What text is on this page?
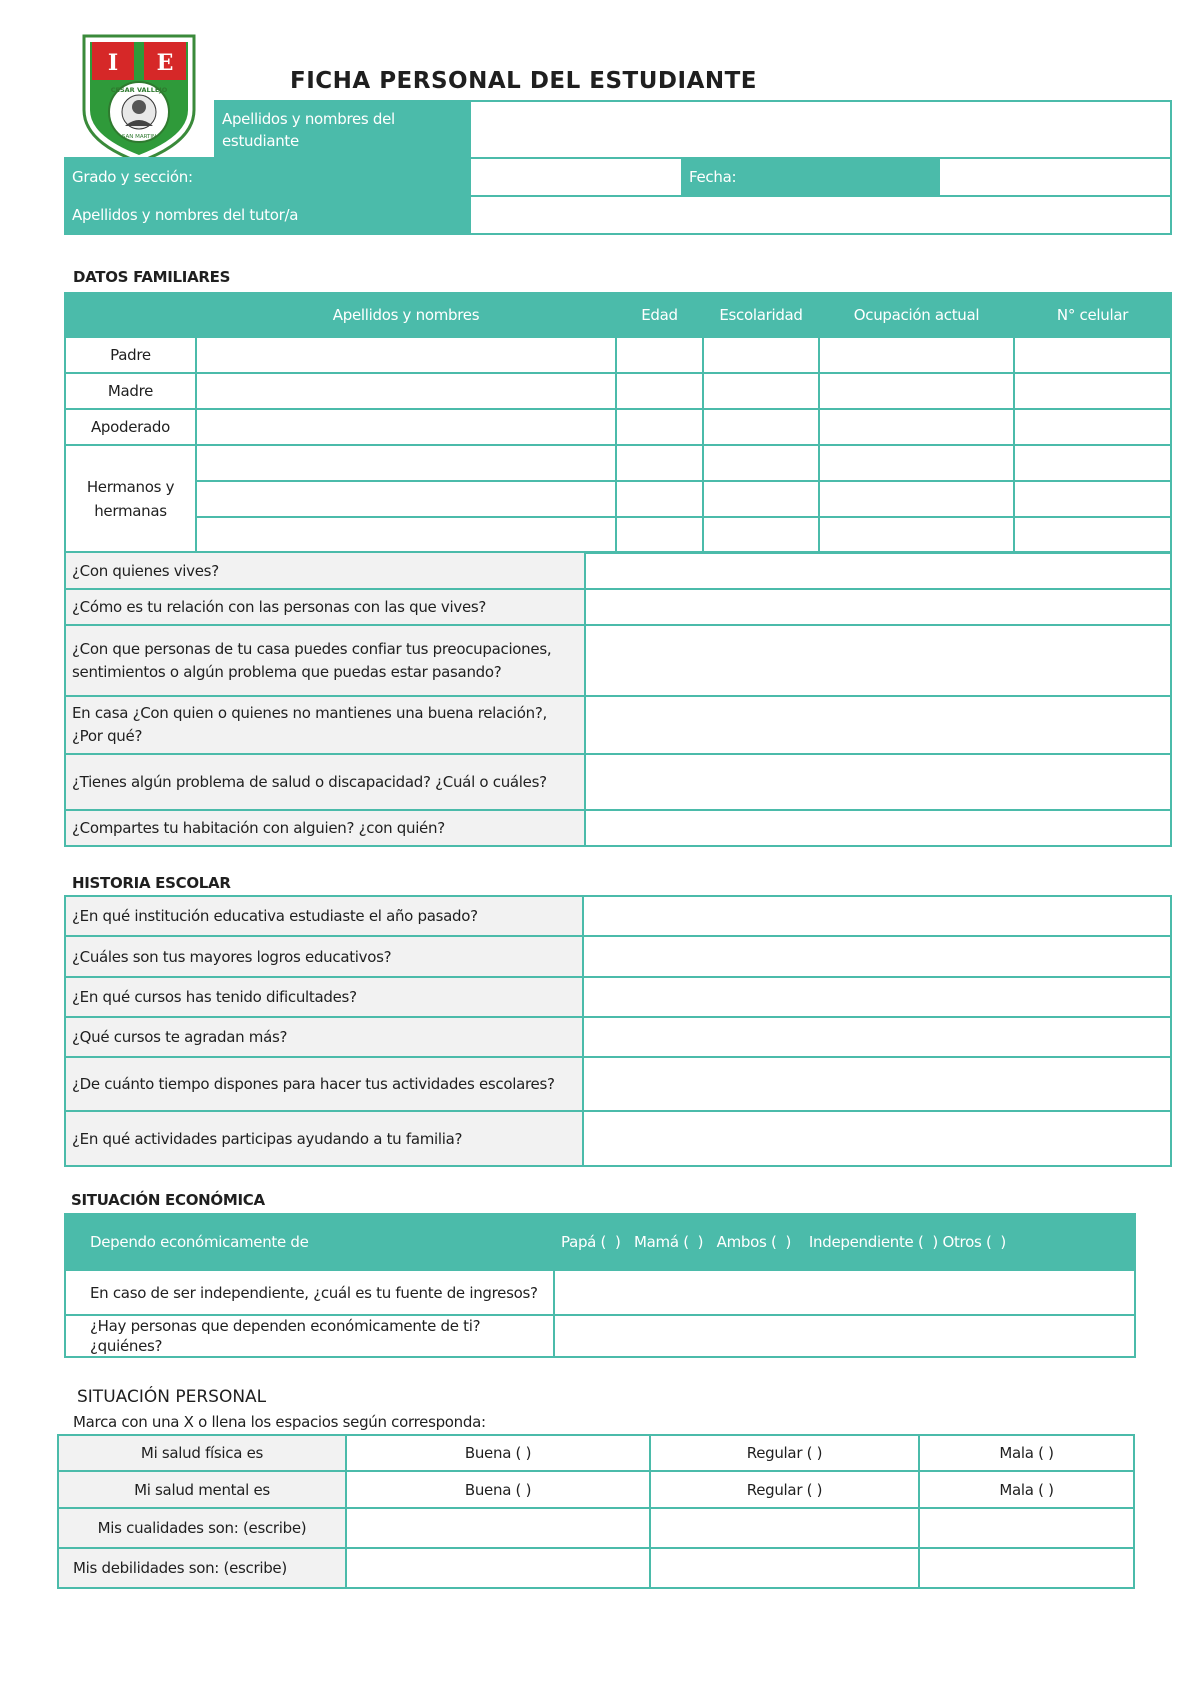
I E
CESAR VALLEJO
SAN MARTIN
FICHA PERSONAL DEL ESTUDIANTE
	Apellidos y nombres del estudiante			
Grado y sección:			Fecha:	
Apellidos y nombres del tutor/a				
DATOS FAMILIARES
	Apellidos y nombres	Edad	Escolaridad	Ocupación actual	N° celular
Padre					
Madre					
Apoderado					
Hermanos y hermanas					

¿Con quienes vives?	
¿Cómo es tu relación con las personas con las que vives?	
¿Con que personas de tu casa puedes confiar tus preocupaciones, sentimientos o algún problema que puedas estar pasando?	
En casa ¿Con quien o quienes no mantienes una buena relación?, ¿Por qué?	
¿Tienes algún problema de salud o discapacidad? ¿Cuál o cuáles?	
¿Compartes tu habitación con alguien? ¿con quién?	
HISTORIA ESCOLAR
¿En qué institución educativa estudiaste el año pasado?	
¿Cuáles son tus mayores logros educativos?	
¿En qué cursos has tenido dificultades?	
¿Qué cursos te agradan más?	
¿De cuánto tiempo dispones para hacer tus actividades escolares?	
¿En qué actividades participas ayudando a tu familia?	
SITUACIÓN ECONÓMICA
Dependo económicamente de	Papá (  )   Mamá (  )   Ambos (  )    Independiente (  ) Otros (  )
En caso de ser independiente, ¿cuál es tu fuente de ingresos?	
¿Hay personas que dependen económicamente de ti? ¿quiénes?	
SITUACIÓN PERSONAL
Marca con una X o llena los espacios según corresponda:
Mi salud física es	Buena ( )	Regular ( )	Mala ( )
Mi salud mental es	Buena ( )	Regular ( )	Mala ( )
Mis cualidades son: (escribe)			
Mis debilidades son: (escribe)			
